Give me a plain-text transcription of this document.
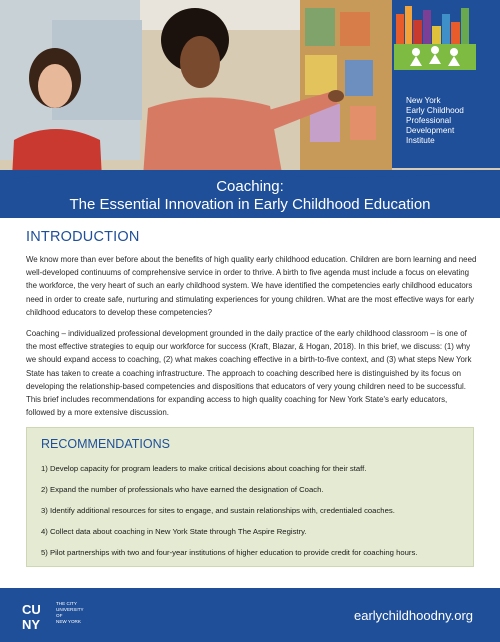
New York
Early Childhood
Professional
Development
Institute
Coaching:
The Essential Innovation in Early Childhood Education
INTRODUCTION

We know more than ever before about the benefits of high quality early childhood education. Children are born learning and need well-developed continuums of comprehensive service in order to thrive. A birth to five agenda must include a focus on elevating the workforce, the very heart of such an early childhood system. We have identified the competencies early childhood educators need in order to create safe, nurturing and stimulating experiences for young children. What are the most effective ways for early childhood educators to develop these competencies?

Coaching – individualized professional development grounded in the daily practice of the early childhood classroom – is one of the most effective strategies to equip our workforce for success (Kraft, Blazar, & Hogan, 2018). In this brief, we discuss: (1) why we should expand access to coaching, (2) what makes coaching effective in a birth-to-five context, and (3) what steps New York State has taken to create a coaching infrastructure. The approach to coaching described here is distinguished by its focus on developing the relationship-based competencies and dispositions that educators of very young children need to be successful. This brief includes recommendations for expanding access to high quality coaching for New York State's early educators, followed by a more extensive discussion.

RECOMMENDATIONS
1) Develop capacity for program leaders to make critical decisions about coaching for their staff.
2) Expand the number of professionals who have earned the designation of Coach.
3) Identify additional resources for sites to engage, and sustain relationships with, credentialed coaches.
4) Collect data about coaching in New York State through The Aspire Registry.
5) Pilot partnerships with two and four-year institutions of higher education to provide credit for coaching hours.
CU
NY
THE CITY
UNIVERSITY
OF
NEW YORK	earlychildhoodny.org
